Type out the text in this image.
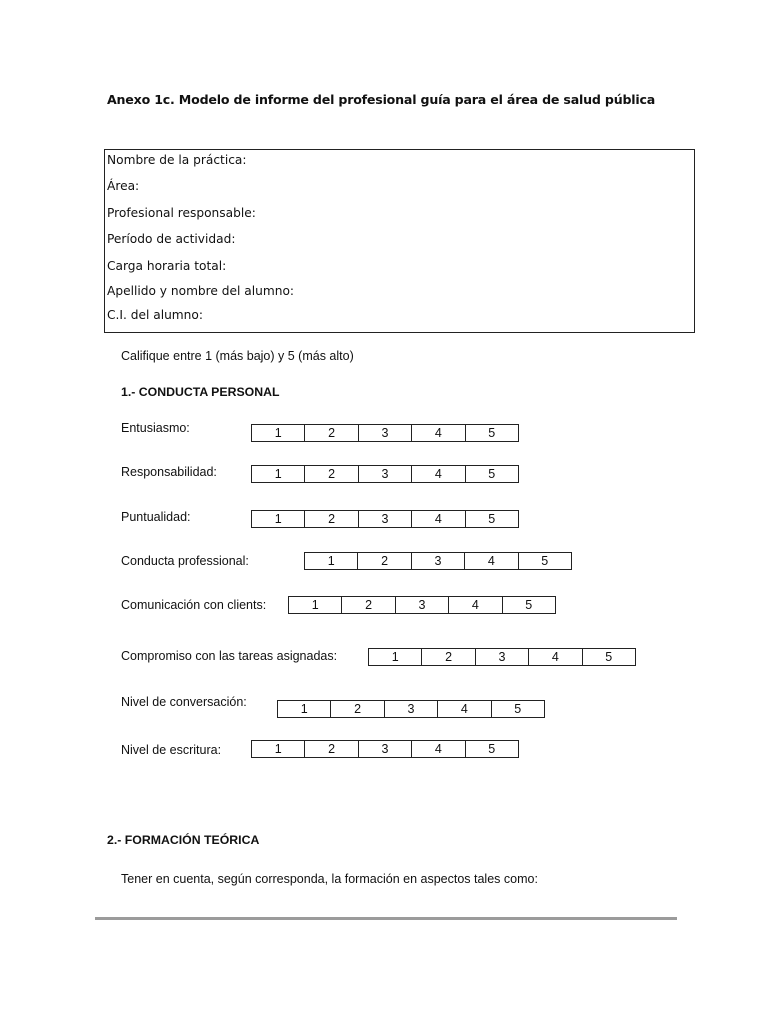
Anexo 1c. Modelo de informe del profesional guía para el área de salud pública
Nombre de la práctica:
Área:
Profesional responsable:
Período de actividad:
Carga horaria total:
Apellido y nombre del alumno:
C.I. del alumno:
Califique entre 1 (más bajo) y 5 (más alto)
1.- CONDUCTA PERSONAL
Entusiasmo:	1	2	3	4	5
Responsabilidad:	1	2	3	4	5
Puntualidad:	1	2	3	4	5
Conducta professional:	1	2	3	4	5
Comunicación con clients:	1	2	3	4	5
Compromiso con las tareas asignadas:	1	2	3	4	5
Nivel de conversación:	1	2	3	4	5
Nivel de escritura:	1	2	3	4	5
2.- FORMACIÓN TEÓRICA
Tener en cuenta, según corresponda, la formación en aspectos tales como:
